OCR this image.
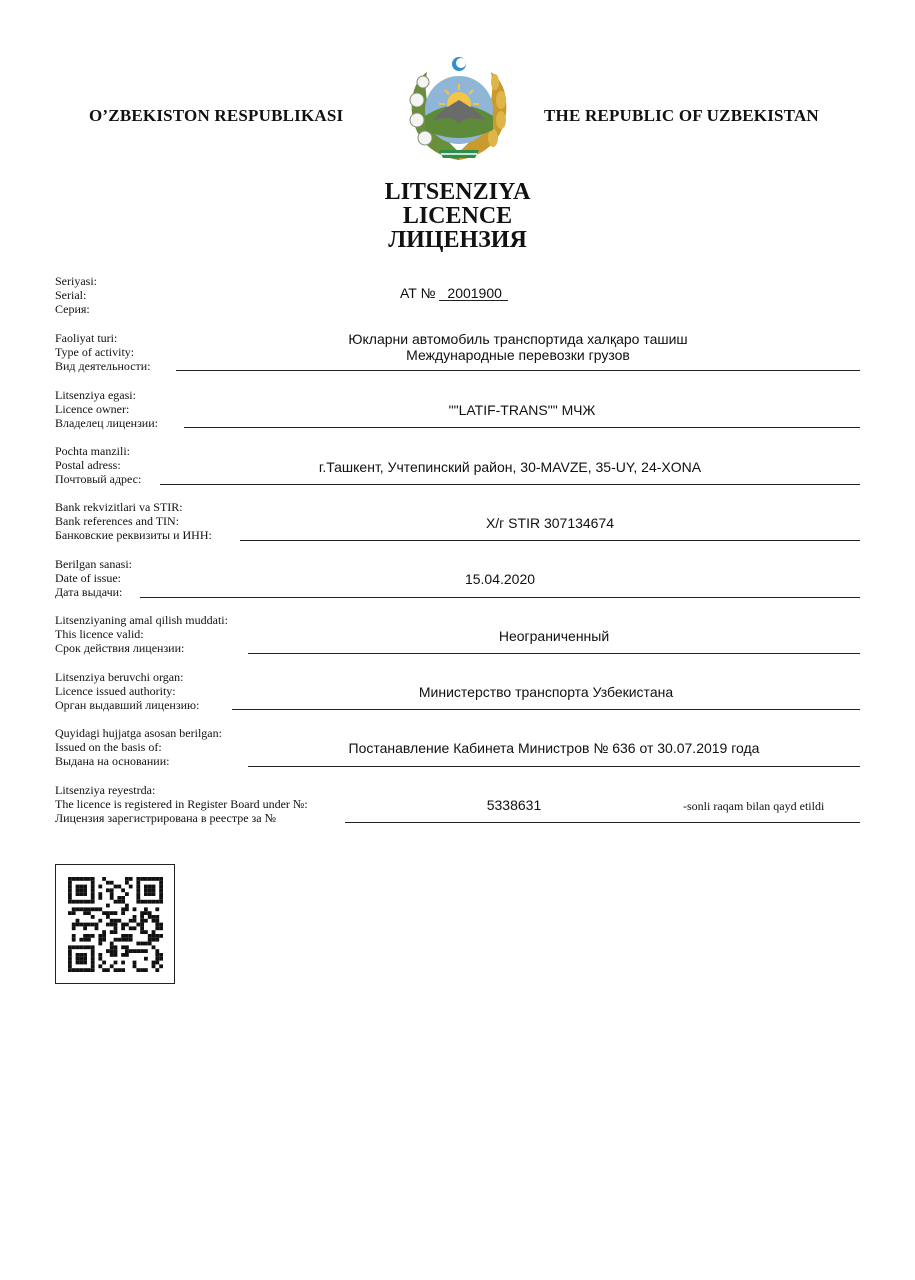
O’ZBEKISTON RESPUBLIKASI	THE REPUBLIC OF UZBEKISTAN
LITSENZIYA
LICENCE
ЛИЦЕНЗИЯ
Seriyasi:
Serial:
Серия:
AT № 2001900
Faoliyat turi:
Type of activity:
Вид деятельности:
Юкларни автомобиль транспортида халқаро ташиш
Международные перевозки грузов
Litsenziya egasi:
Licence owner:
Владелец лицензии:
""LATIF-TRANS"" МЧЖ
Pochta manzili:
Postal adress:
Почтовый адрес:
г.Ташкент, Учтепинский район, 30-MAVZE, 35-UY, 24-XONA
Bank rekvizitlari va STIR:
Bank references and TIN:
Банковские реквизиты и ИНН:
Х/г STIR 307134674
Berilgan sanasi:
Date of issue:
Дата выдачи:
15.04.2020
Litsenziyaning amal qilish muddati:
This licence valid:
Срок действия лицензии:
Неограниченный
Litsenziya beruvchi organ:
Licence issued authority:
Орган выдавший лицензию:
Министерство транспорта Узбекистана
Quyidagi hujjatga asosan berilgan:
Issued on the basis of:
Выдана на основании:
Постанавление Кабинета Министров № 636 от 30.07.2019 года
Litsenziya reyestrda:
The licence is registered in Register Board under №:
Лицензия зарегистрирована в реестре за №
5338631	-sonli raqam bilan qayd etildi
